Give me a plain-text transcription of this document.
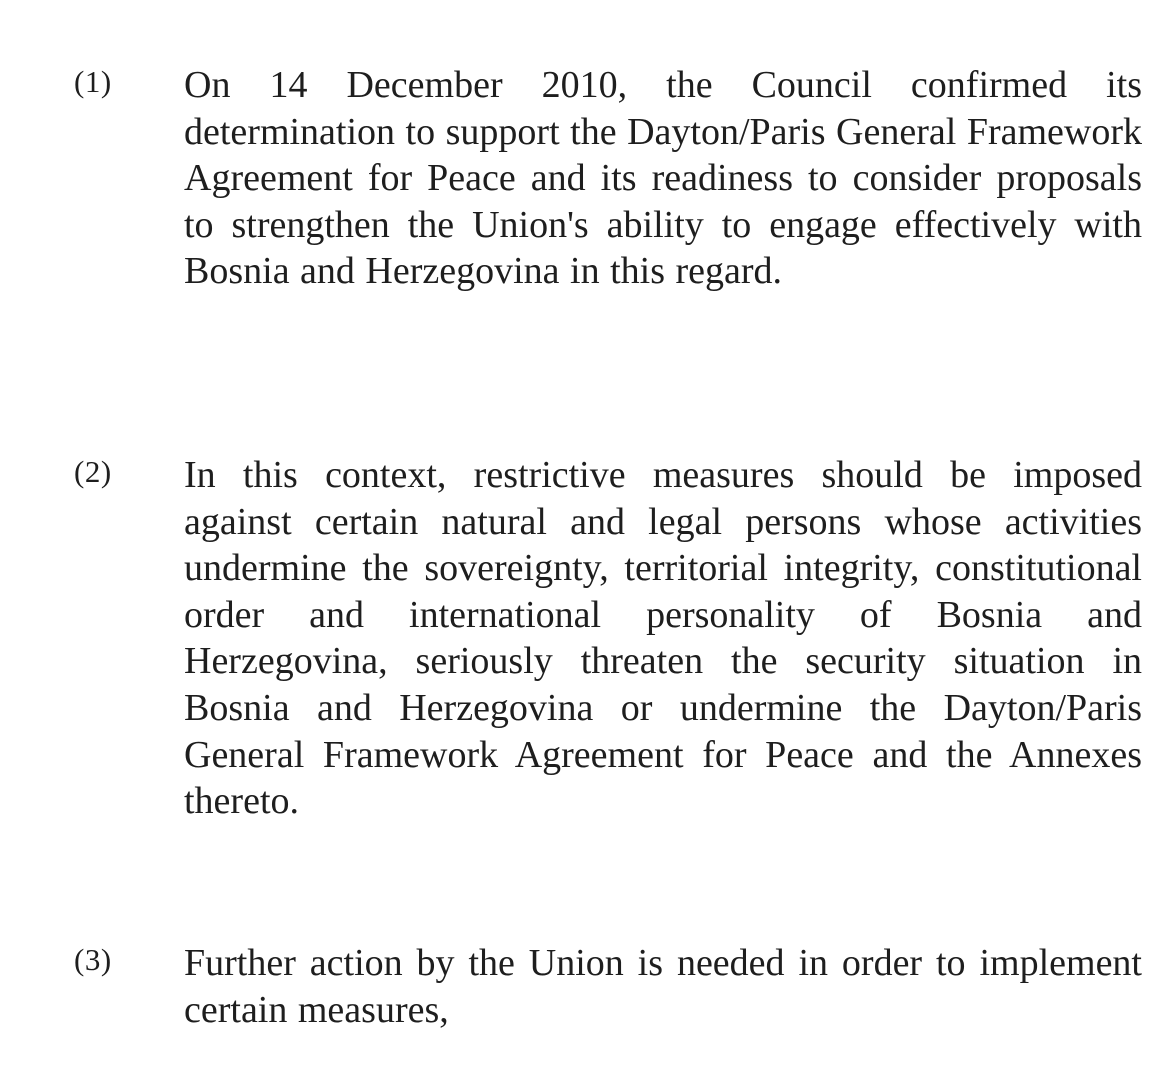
(1) On 14 December 2010, the Council confirmed its determination to support the Dayton/Paris General Framework Agreement for Peace and its readiness to consider proposals to strengthen the Union's ability to engage effectively with Bosnia and Herzegovina in this regard.

(2) In this context, restrictive measures should be imposed against certain natural and legal persons whose activities undermine the sovereignty, territorial integrity, constitutional order and international personality of Bosnia and Herzegovina, seriously threaten the security situation in Bosnia and Herzegovina or undermine the Dayton/Paris General Framework Agreement for Peace and the Annexes thereto.

(3) Further action by the Union is needed in order to implement certain measures,
